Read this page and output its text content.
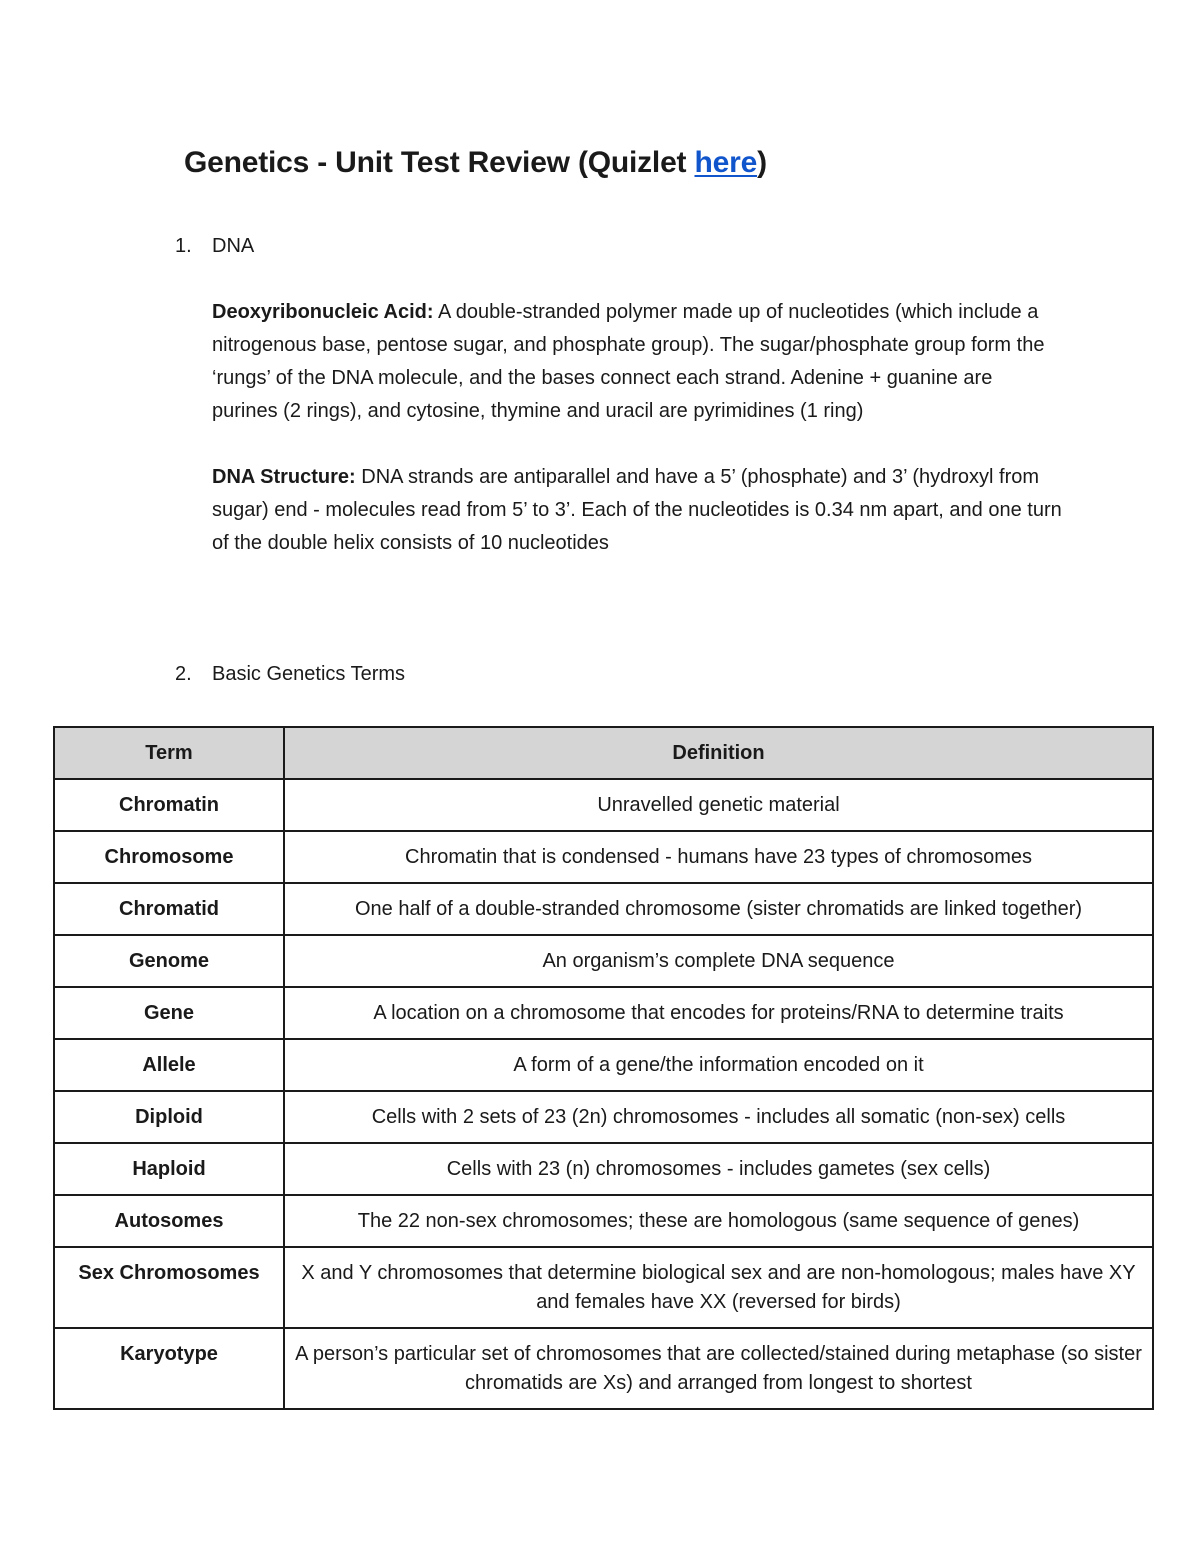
Genetics - Unit Test Review (Quizlet here)
1. DNA

Deoxyribonucleic Acid: A double-stranded polymer made up of nucleotides (which include a nitrogenous base, pentose sugar, and phosphate group). The sugar/phosphate group form the ‘rungs’ of the DNA molecule, and the bases connect each strand. Adenine + guanine are purines (2 rings), and cytosine, thymine and uracil are pyrimidines (1 ring)

DNA Structure: DNA strands are antiparallel and have a 5’ (phosphate) and 3’ (hydroxyl from sugar) end - molecules read from 5’ to 3’. Each of the nucleotides is 0.34 nm apart, and one turn of the double helix consists of 10 nucleotides

2. Basic Genetics Terms
Term	Definition
Chromatin	Unravelled genetic material
Chromosome	Chromatin that is condensed - humans have 23 types of chromosomes
Chromatid	One half of a double-stranded chromosome (sister chromatids are linked together)
Genome	An organism’s complete DNA sequence
Gene	A location on a chromosome that encodes for proteins/RNA to determine traits
Allele	A form of a gene/the information encoded on it
Diploid	Cells with 2 sets of 23 (2n) chromosomes - includes all somatic (non-sex) cells
Haploid	Cells with 23 (n) chromosomes - includes gametes (sex cells)
Autosomes	The 22 non-sex chromosomes; these are homologous (same sequence of genes)
Sex Chromosomes	X and Y chromosomes that determine biological sex and are non-homologous; males have XY and females have XX (reversed for birds)
Karyotype	A person’s particular set of chromosomes that are collected/stained during metaphase (so sister chromatids are Xs) and arranged from longest to shortest
